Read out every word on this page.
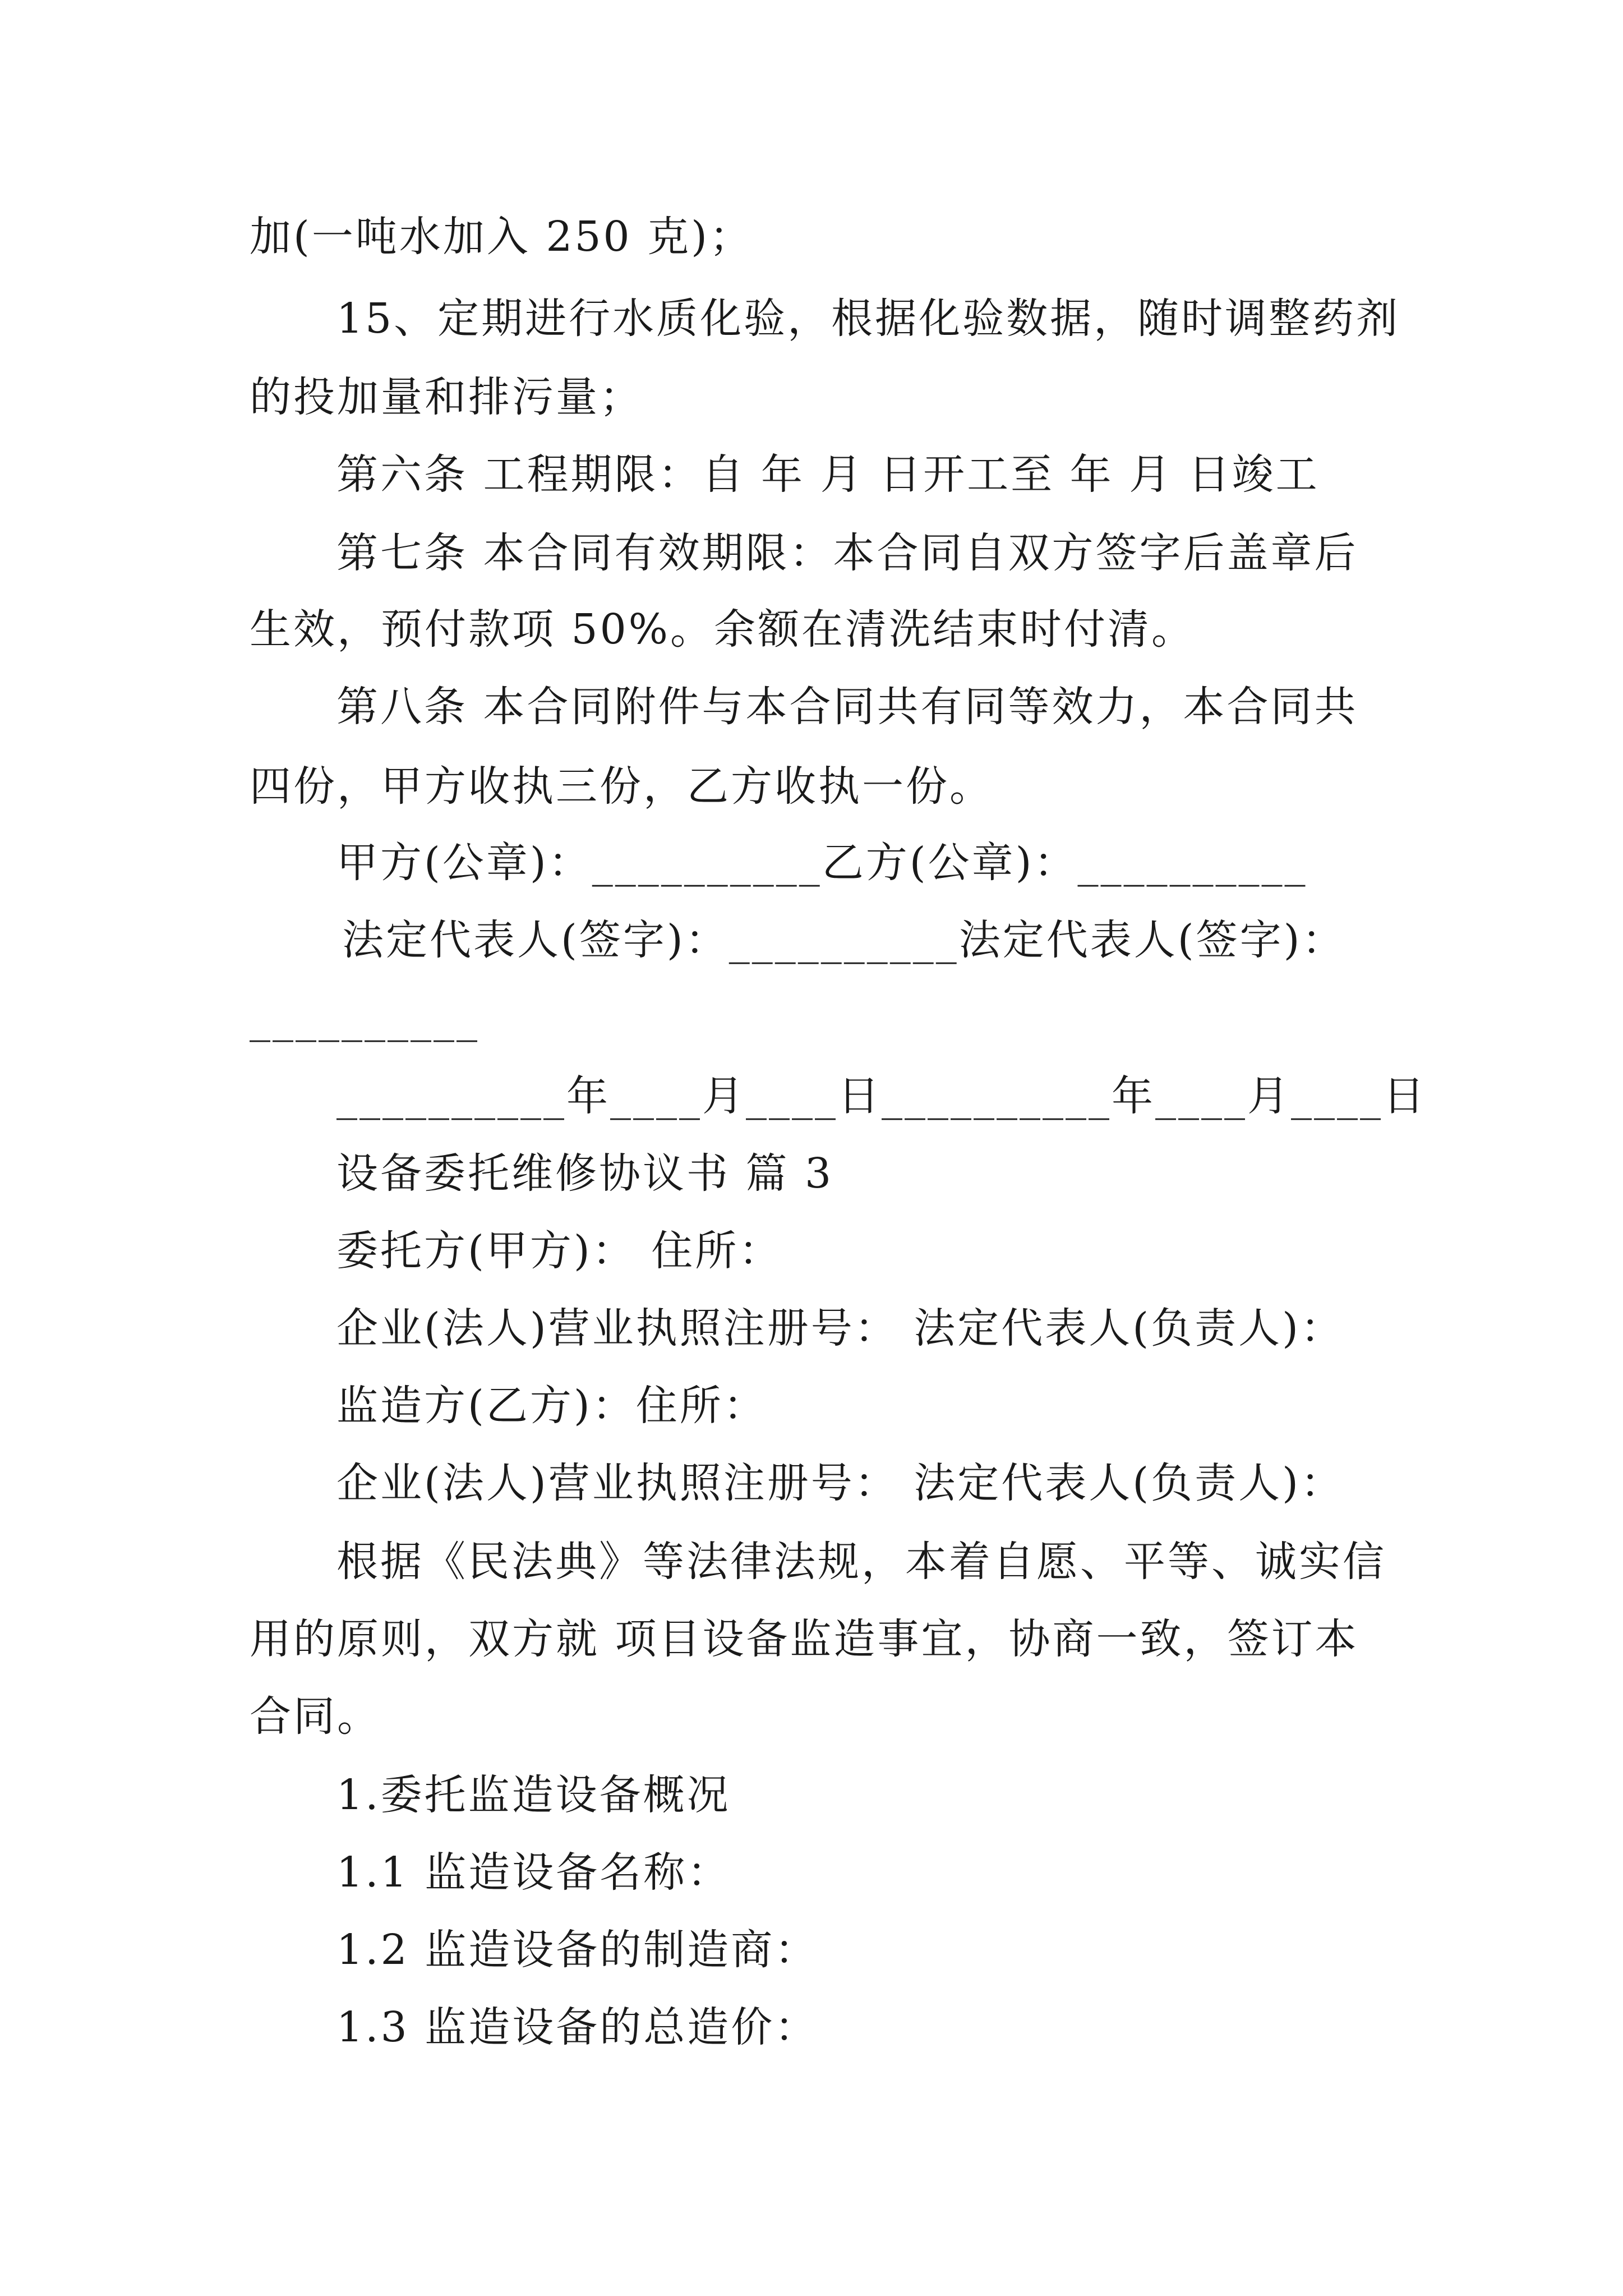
加(一吨水加入 250 克)；
15、定期进行水质化验，根据化验数据，随时调整药剂
的投加量和排污量；
第六条 工程期限：自 年 月 日开工至 年 月 日竣工
第七条 本合同有效期限：本合同自双方签字后盖章后
生效，预付款项 50%。余额在清洗结束时付清。
第八条 本合同附件与本合同共有同等效力，本合同共
四份，甲方收执三份，乙方收执一份。
甲方(公章)：__________乙方(公章)：__________
法定代表人(签字)：__________法定代表人(签字)：
__________
__________年____月____日__________年____月____日
设备委托维修协议书 篇 3
委托方(甲方)： 住所：
企业(法人)营业执照注册号： 法定代表人(负责人)：
监造方(乙方)：住所：
企业(法人)营业执照注册号： 法定代表人(负责人)：
根据《民法典》等法律法规，本着自愿、平等、诚实信
用的原则，双方就 项目设备监造事宜，协商一致，签订本
合同。
1.委托监造设备概况
1.1 监造设备名称：
1.2 监造设备的制造商：
1.3 监造设备的总造价：
